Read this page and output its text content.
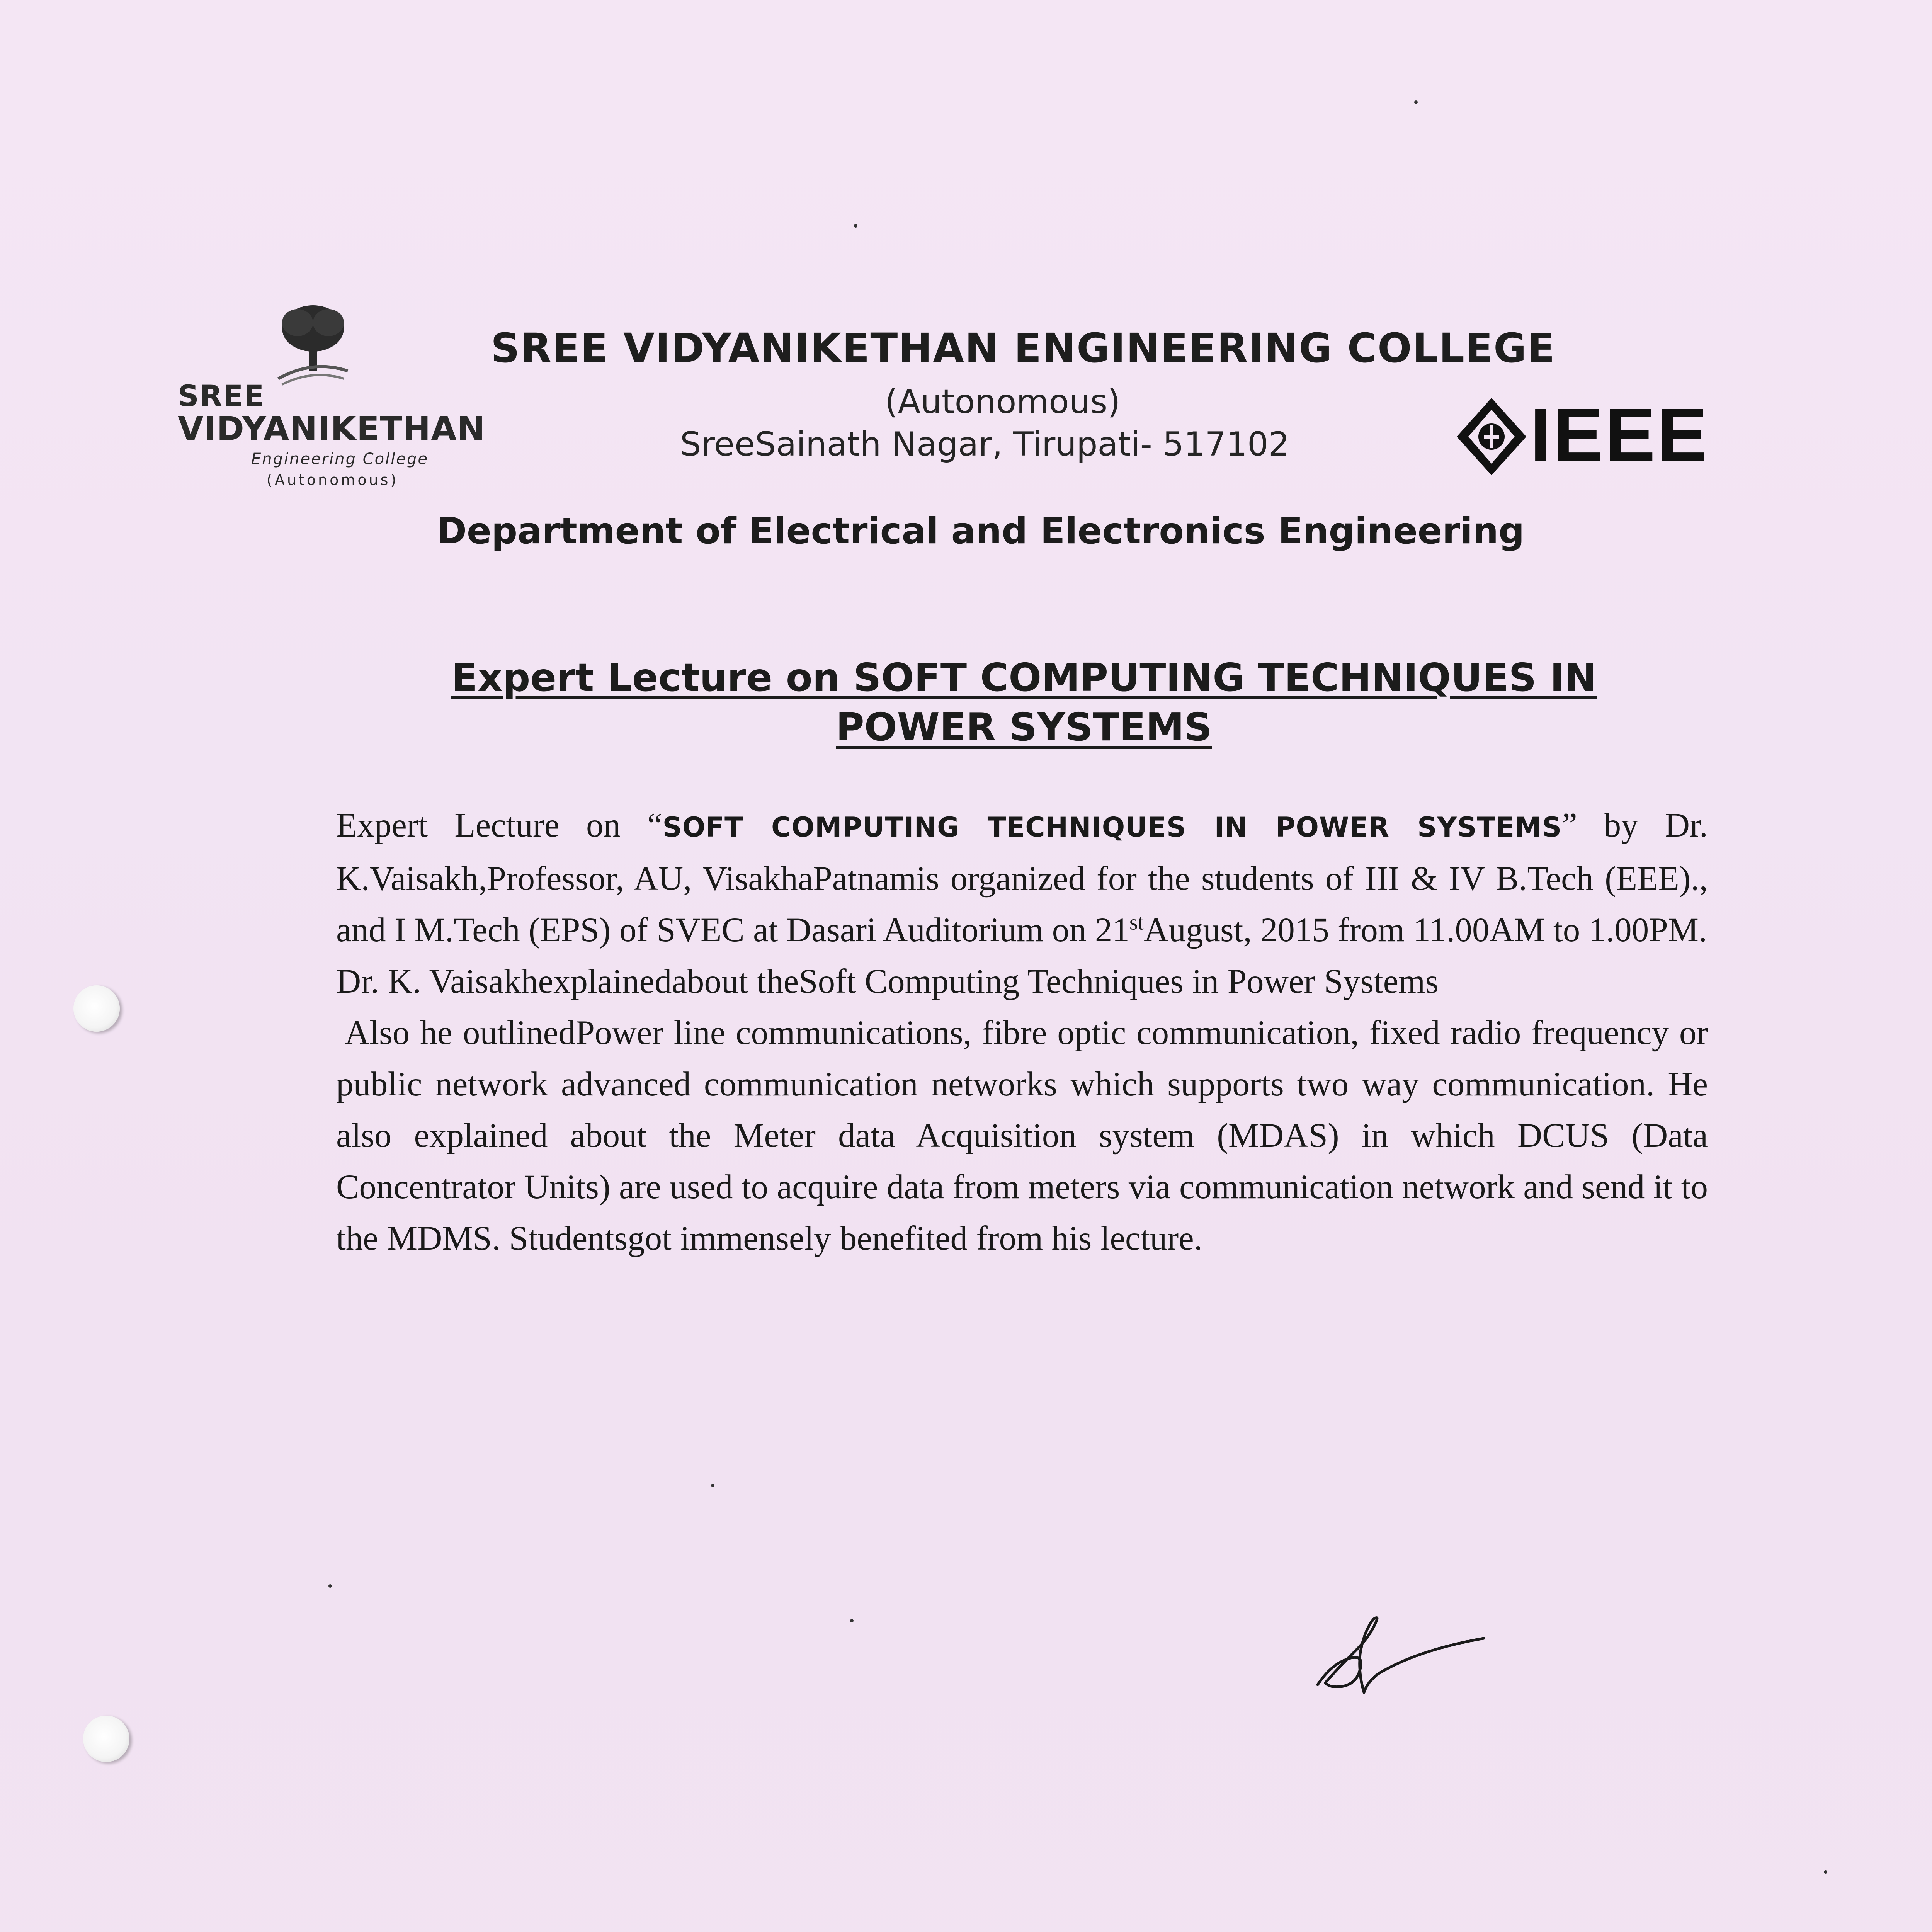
SREE
VIDYANIKETHAN
Engineering College
(Autonomous)
SREE VIDYANIKETHAN ENGINEERING COLLEGE
(Autonomous)
SreeSainath Nagar, Tirupati- 517102	IEEE
Department of Electrical and Electronics Engineering
Expert Lecture on SOFT COMPUTING TECHNIQUES IN
POWER SYSTEMS

Expert Lecture on “SOFT COMPUTING TECHNIQUES IN POWER SYSTEMS” by Dr. K.Vaisakh,Professor, AU, VisakhaPatnamis organized for the students of III & IV B.Tech (EEE)., and I M.Tech (EPS) of SVEC at Dasari Auditorium on 21stAugust, 2015 from 11.00AM to 1.00PM.

Dr. K. Vaisakhexplainedabout theSoft Computing Techniques in Power Systems

Also he outlinedPower line communications, fibre optic communication, fixed radio frequency or public network advanced communication networks which supports two way communication. He also explained about the Meter data Acquisition system (MDAS) in which DCUS (Data Concentrator Units) are used to acquire data from meters via communication network and send it to the MDMS. Studentsgot immensely benefited from his lecture.
